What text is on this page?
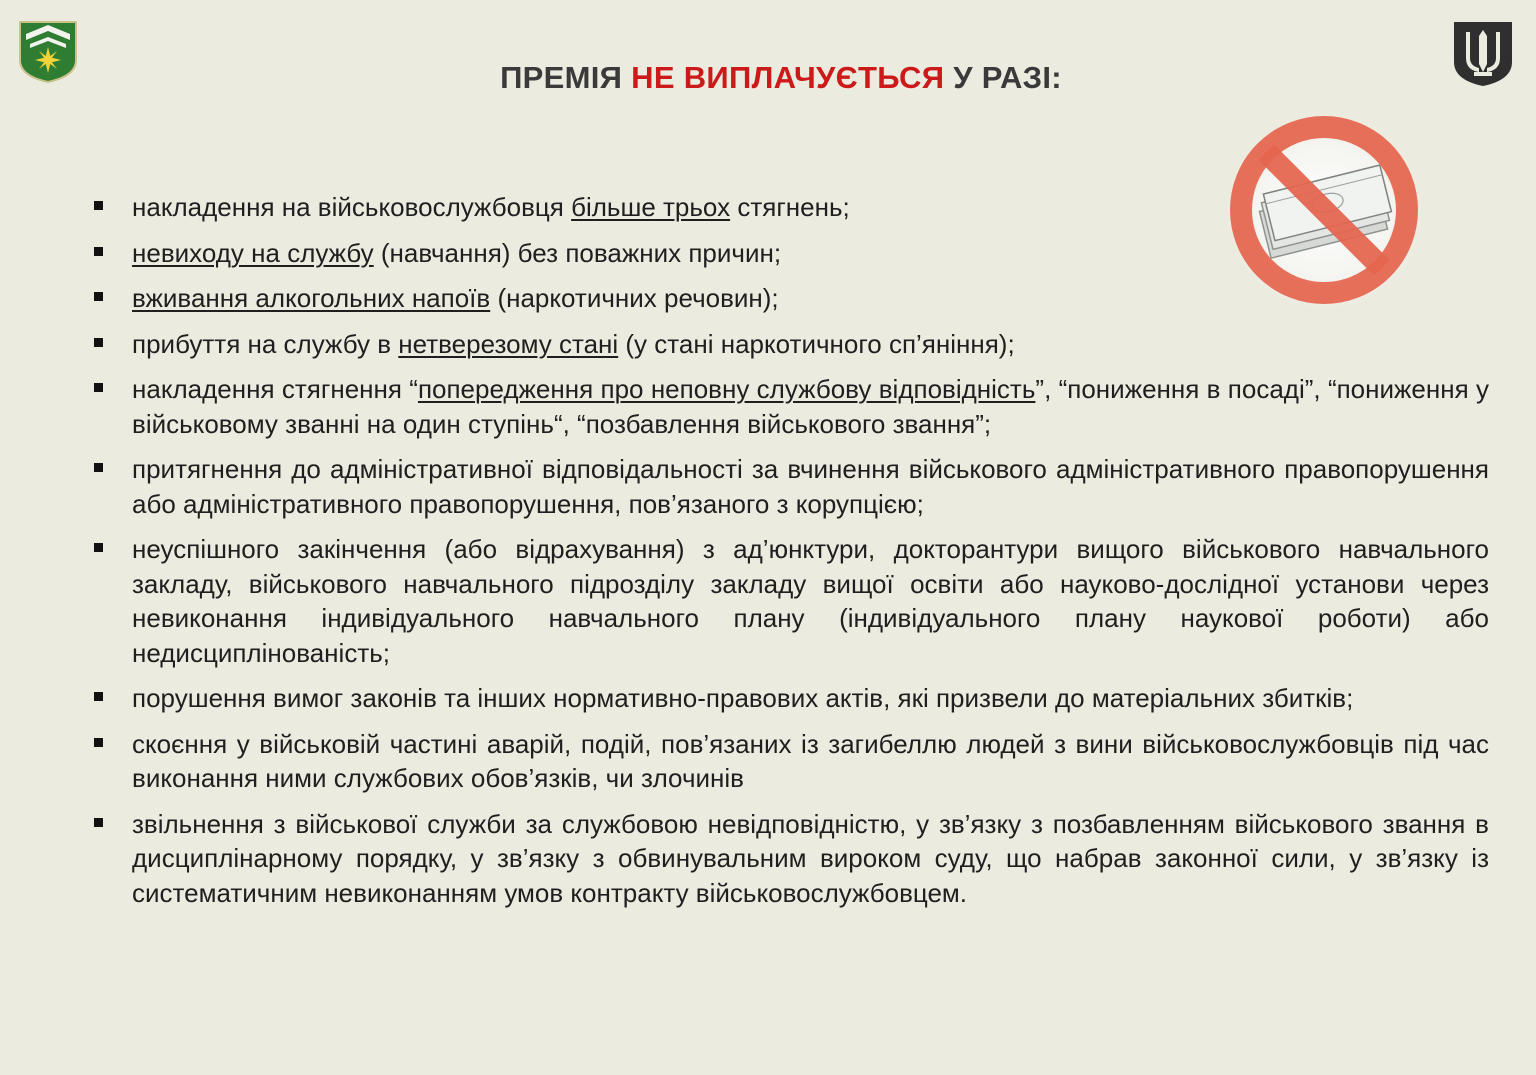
ПРЕМІЯ НЕ ВИПЛАЧУЄТЬСЯ У РАЗІ:
накладення на військовослужбовця більше трьох стягнень;
невиходу на службу (навчання) без поважних причин;
вживання алкогольних напоїв (наркотичних речовин);
прибуття на службу в нетверезому стані (у стані наркотичного сп’яніння);
накладення стягнення “попередження про неповну службову відповідність”, “пониження в посаді”, “пониження у військовому званні на один ступінь“, “позбавлення військового звання”;
притягнення до адміністративної відповідальності за вчинення військового адміністративного правопорушення або адміністративного правопорушення, пов’язаного з корупцією;
неуспішного закінчення (або відрахування) з ад’юнктури, докторантури вищого військового навчального закладу, військового навчального підрозділу закладу вищої освіти або науково-дослідної установи через невиконання індивідуального навчального плану (індивідуального плану наукової роботи) або недисциплінованість;
порушення вимог законів та інших нормативно-правових актів, які призвели до матеріальних збитків;
скоєння у військовій частині аварій, подій, пов’язаних із загибеллю людей з вини військовослужбовців під час виконання ними службових обов’язків, чи злочинів
звільнення з військової служби за службовою невідповідністю, у зв’язку з позбавленням військового звання в дисциплінарному порядку, у зв’язку з обвинувальним вироком суду, що набрав законної сили, у зв’язку із систематичним невиконанням умов контракту військовослужбовцем.
